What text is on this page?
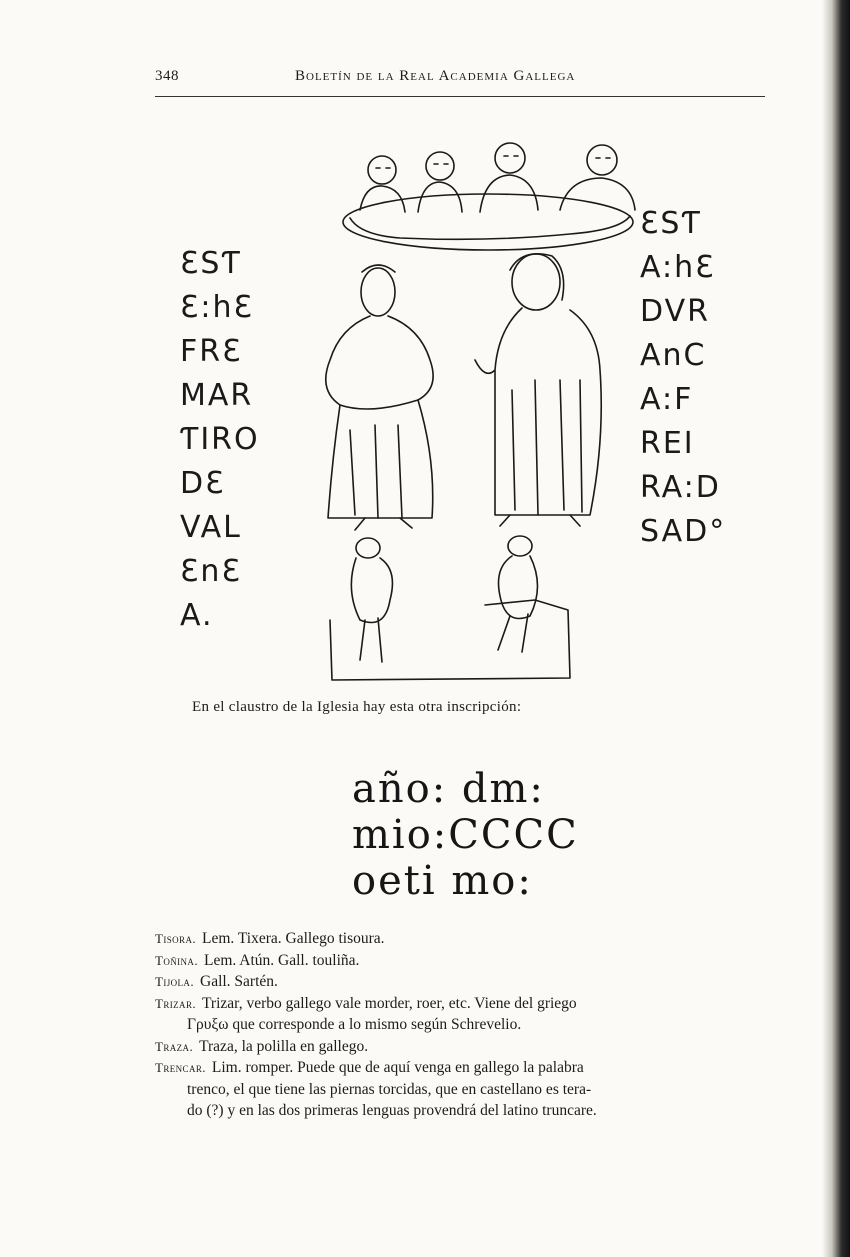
348	Boletín de la Real Academia Gallega
ƐSƬ
Ɛ:hƐ
FRƐ
MAR
ƬIRO
DƐ
VAL
ƐnƐ
A.
ƐSƬ
A:hƐ
DVR
AnC
A:F
REI
RA:D
SAD°
En el claustro de la Iglesia hay esta otra inscripción:
año: dm:
mio:CCCC
oeti mo:
Tisora. Lem. Tixera. Gallego tisoura.
Toñina. Lem. Atún. Gall. touliña.
Tijola. Gall. Sartén.
Trizar. Trizar, verbo gallego vale morder, roer, etc. Viene del griego
Γρυξω que corresponde a lo mismo según Schrevelio.
Traza. Traza, la polilla en gallego.
Trencar. Lim. romper. Puede que de aquí venga en gallego la palabra
trenco, el que tiene las piernas torcidas, que en castellano es tera-
do (?) y en las dos primeras lenguas provendrá del latino truncare.
